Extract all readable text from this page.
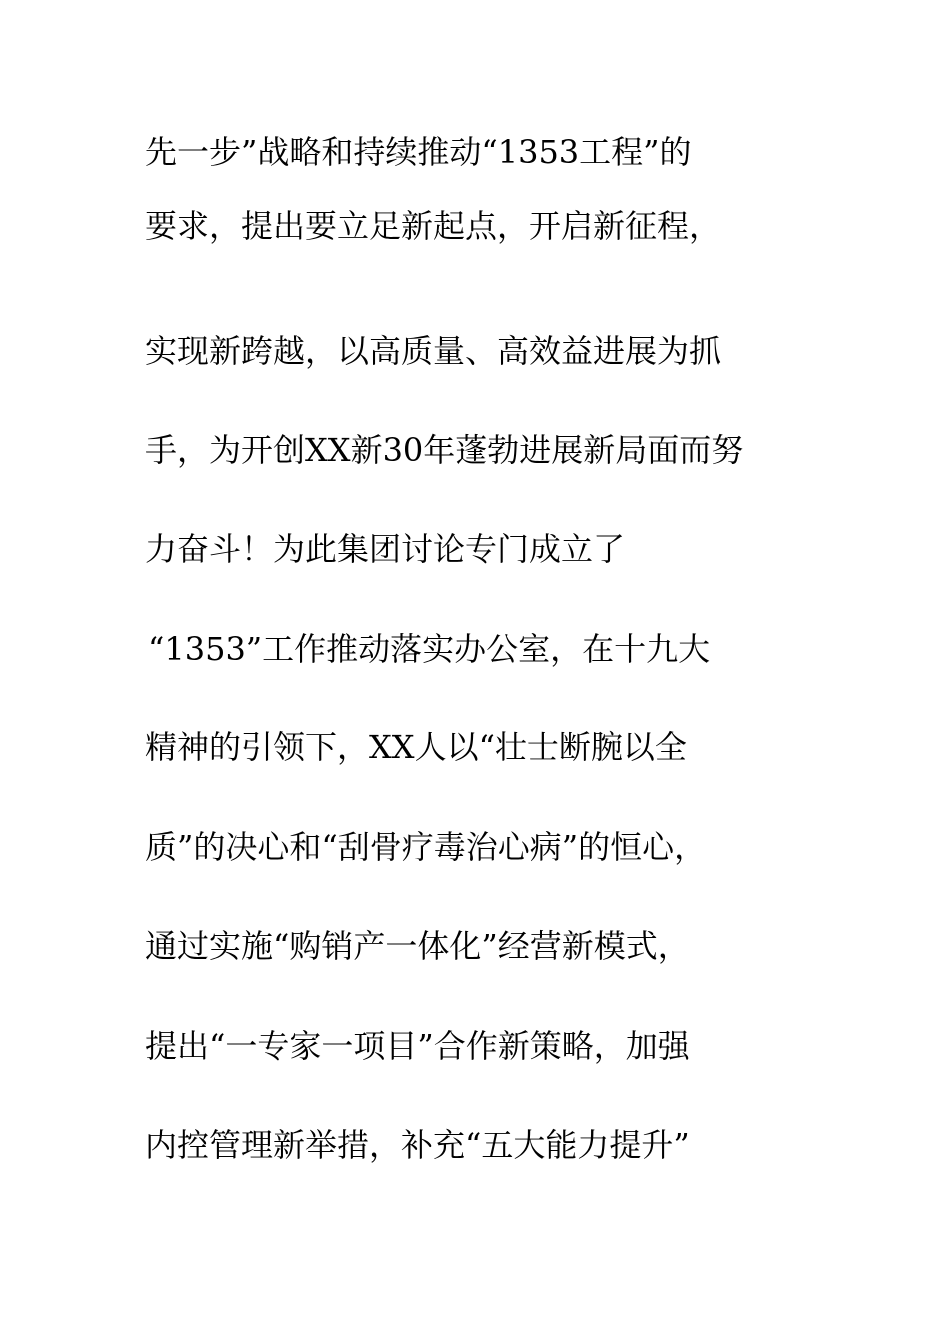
先一步”战略和持续推动“1353工程”的
要求，提出要立足新起点，开启新征程，
实现新跨越，以高质量、高效益进展为抓
手，为开创XX新30年蓬勃进展新局面而努
力奋斗！为此集团讨论专门成立了
“1353”工作推动落实办公室，在十九大
精神的引领下，XX人以“壮士断腕以全
质”的决心和“刮骨疗毒治心病”的恒心，
通过实施“购销产一体化”经营新模式，
提出“一专家一项目”合作新策略，加强
内控管理新举措，补充“五大能力提升”
